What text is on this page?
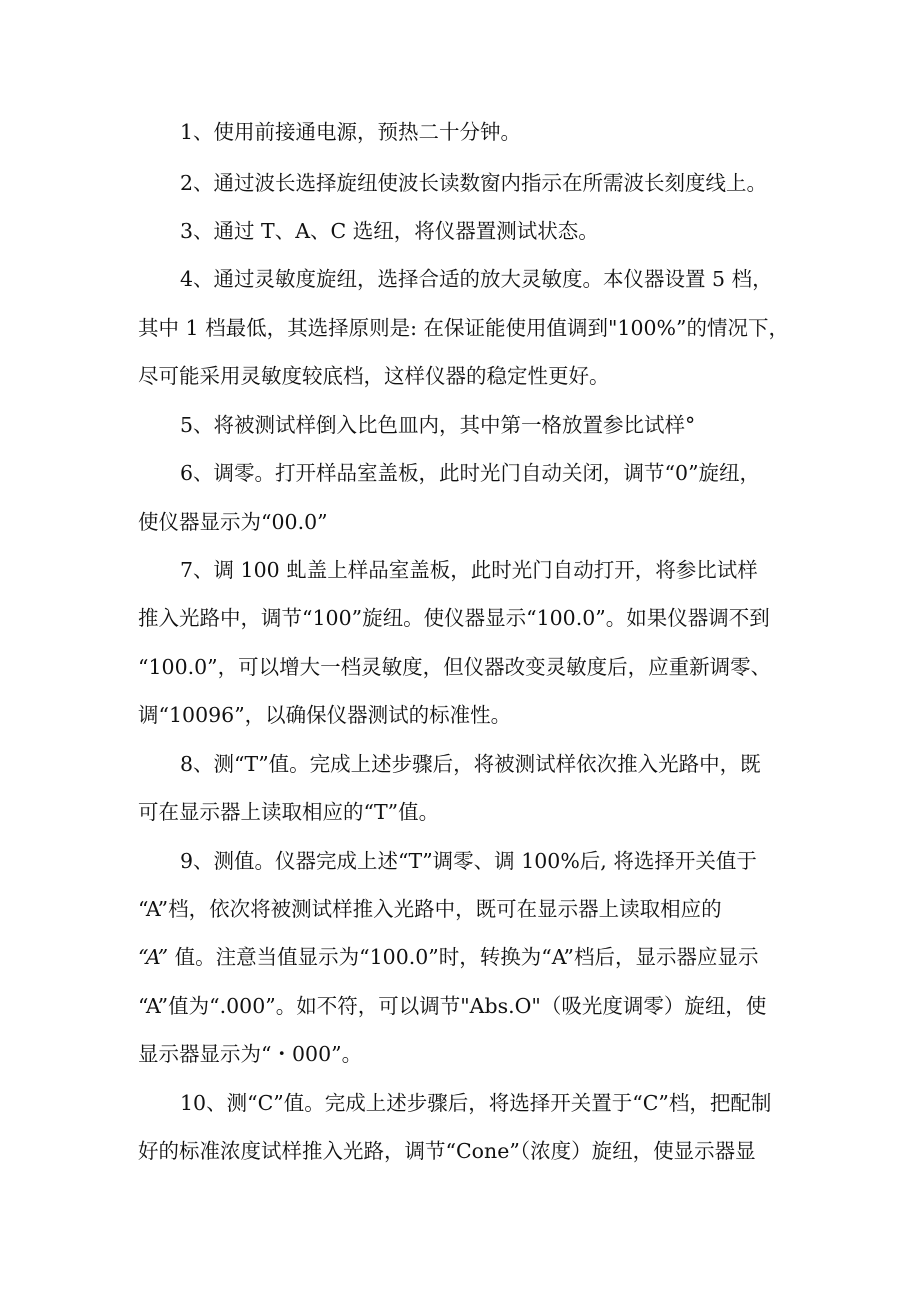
1、使用前接通电源，预热二十分钟。
2、通过波长选择旋纽使波长读数窗内指示在所需波长刻度线上。
3、通过 T、A、C 选纽，将仪器置测试状态。
4、通过灵敏度旋纽，选择合适的放大灵敏度。本仪器设置 5 档，
其中 1 档最低，其选择原则是: 在保证能使用值调到"100%”的情况下，
尽可能采用灵敏度较底档，这样仪器的稳定性更好。
5、将被测试样倒入比色皿内，其中第一格放置参比试样°
6、调零。打开样品室盖板，此时光门自动关闭，调节“0”旋纽，
使仪器显示为“00.0”
7、调 100 虬盖上样品室盖板，此时光门自动打开，将参比试样
推入光路中，调节“100”旋纽。使仪器显示“100.0”。如果仪器调不到
“100.0”，可以增大一档灵敏度，但仪器改变灵敏度后，应重新调零、
调“10096”，以确保仪器测试的标准性。
8、测“T”值。完成上述步骤后，将被测试样依次推入光路中，既
可在显示器上读取相应的“T”值。
9、测值。仪器完成上述“T”调零、调 100%后, 将选择开关值于
“A”档，依次将被测试样推入光路中，既可在显示器上读取相应的
“A” 值。注意当值显示为“100.0”时，转换为“A”档后，显示器应显示
“A”值为“.000”。如不符，可以调节"Abs.O"（吸光度调零）旋纽，使
显示器显示为“・000”。
10、测“C”值。完成上述步骤后，将选择开关置于“C”档，把配制
好的标准浓度试样推入光路，调节“Cone”（浓度）旋纽，使显示器显
